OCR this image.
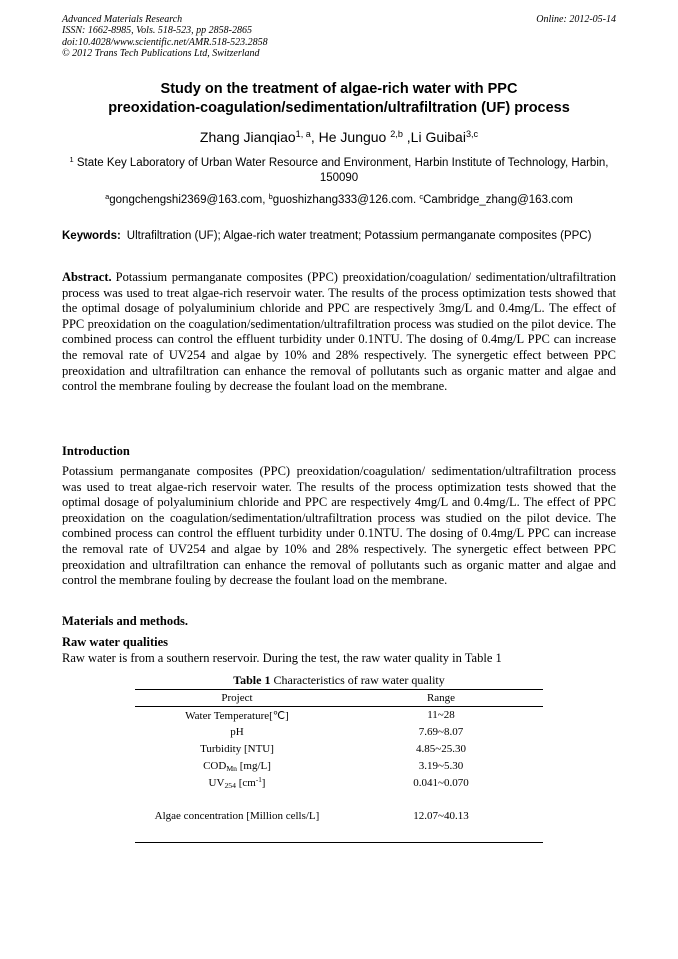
Advanced Materials Research
ISSN: 1662-8985, Vols. 518-523, pp 2858-2865
doi:10.4028/www.scientific.net/AMR.518-523.2858
© 2012 Trans Tech Publications Ltd, Switzerland
Online: 2012-05-14
Study on the treatment of algae-rich water with PPC
preoxidation-coagulation/sedimentation/ultrafiltration (UF) process
Zhang Jianqiao$^{1, a}$, He Junguo $^{2,b}$ ,Li Guibai$^{3,c}$
$^1$ State Key Laboratory of Urban Water Resource and Environment, Harbin Institute of Technology, Harbin, 150090
$^a$gongchengshi2369@163.com, $^b$guoshizhang333@126.com. $^c$Cambridge_zhang@163.com
Keywords: Ultrafiltration (UF); Algae-rich water treatment; Potassium permanganate composites (PPC)
Abstract. Potassium permanganate composites (PPC) preoxidation/coagulation/ sedimentation/ultrafiltration process was used to treat algae-rich reservoir water. The results of the process optimization tests showed that the optimal dosage of polyaluminium chloride and PPC are respectively 3mg/L and 0.4mg/L. The effect of PPC preoxidation on the coagulation/sedimentation/ultrafiltration process was studied on the pilot device. The combined process can control the effluent turbidity under 0.1NTU. The dosing of 0.4mg/L PPC can increase the removal rate of UV254 and algae by 10% and 28% respectively. The synergetic effect between PPC preoxidation and ultrafiltration can enhance the removal of pollutants such as organic matter and algae and control the membrane fouling by decrease the foulant load on the membrane.
Introduction
Potassium permanganate composites (PPC) preoxidation/coagulation/ sedimentation/ultrafiltration process was used to treat algae-rich reservoir water. The results of the process optimization tests showed that the optimal dosage of polyaluminium chloride and PPC are respectively 4mg/L and 0.4mg/L. The effect of PPC preoxidation on the coagulation/sedimentation/ultrafiltration process was studied on the pilot device. The combined process can control the effluent turbidity under 0.1NTU. The dosing of 0.4mg/L PPC can increase the removal rate of UV254 and algae by 10% and 28% respectively. The synergetic effect between PPC preoxidation and ultrafiltration can enhance the removal of pollutants such as organic matter and algae and control the membrane fouling by decrease the foulant load on the membrane.
Materials and methods.
Raw water qualities
Raw water is from a southern reservoir. During the test, the raw water quality in Table 1
Table 1 Characteristics of raw water quality
Project	Range
Water Temperature[℃]	11~28
pH	7.69~8.07
Turbidity [NTU]	4.85~25.30
$COD_{Mn}$ [mg/L]	3.19~5.30
$UV_{254}$ $[cm^{-1}]$	0.041~0.070
Algae concentration [Million cells/L]	12.07~40.13
